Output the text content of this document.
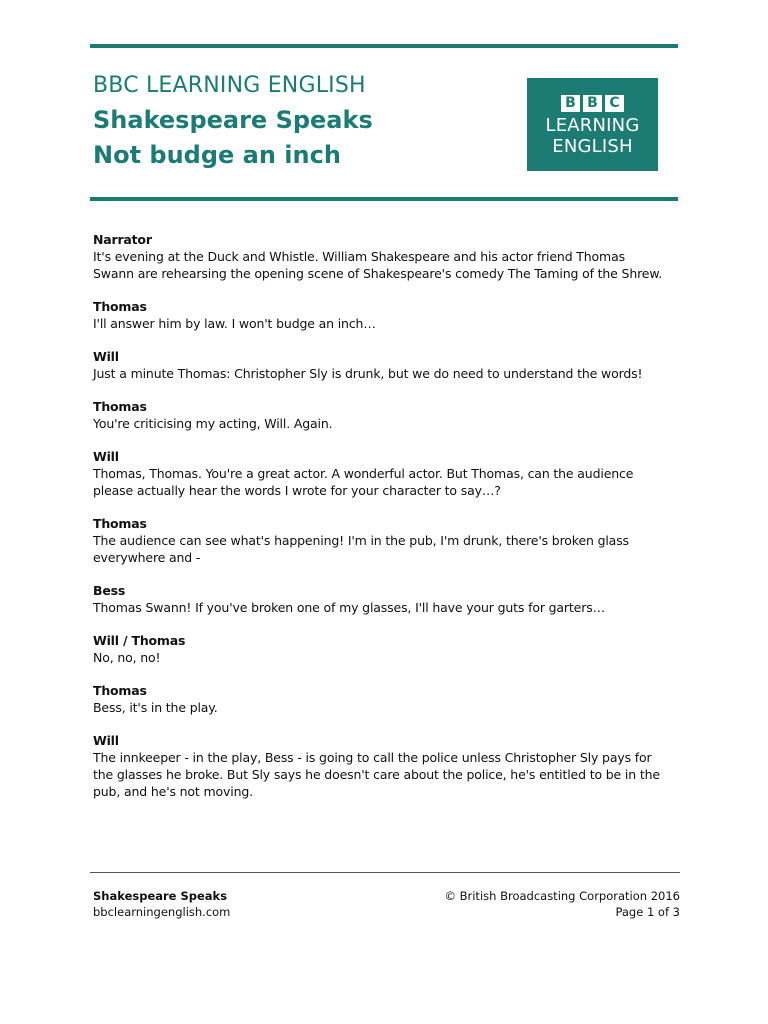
BBC LEARNING ENGLISH
Shakespeare Speaks
Not budge an inch
B B C
LEARNING
ENGLISH
Narrator
It's evening at the Duck and Whistle. William Shakespeare and his actor friend Thomas
Swann are rehearsing the opening scene of Shakespeare's comedy The Taming of the Shrew.
Thomas
I'll answer him by law. I won't budge an inch…
Will
Just a minute Thomas: Christopher Sly is drunk, but we do need to understand the words!
Thomas
You're criticising my acting, Will. Again.
Will
Thomas, Thomas. You're a great actor. A wonderful actor. But Thomas, can the audience
please actually hear the words I wrote for your character to say…?
Thomas
The audience can see what's happening! I'm in the pub, I'm drunk, there's broken glass
everywhere and -
Bess
Thomas Swann! If you've broken one of my glasses, I'll have your guts for garters…
Will / Thomas
No, no, no!
Thomas
Bess, it's in the play.
Will
The innkeeper - in the play, Bess - is going to call the police unless Christopher Sly pays for
the glasses he broke. But Sly says he doesn't care about the police, he's entitled to be in the
pub, and he's not moving.
Shakespeare Speaks
bbclearningenglish.com
© British Broadcasting Corporation 2016
Page 1 of 3
